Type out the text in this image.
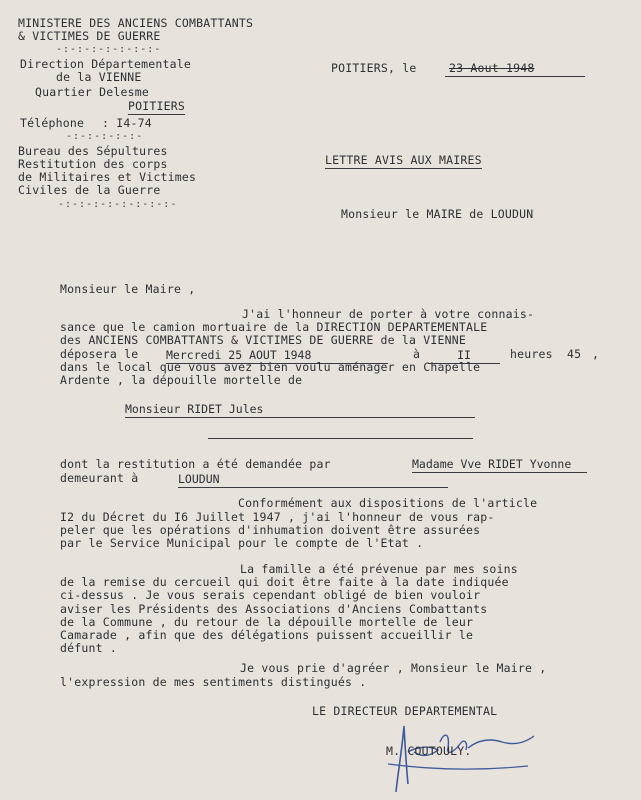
MINISTERE DES ANCIENS COMBATTANTS
& VICTIMES DE GUERRE
-:-:-:-:-:-:-:-
Direction Départementale
de la VIENNE
Quartier Delesme
POITIERS
Téléphone : I4-74
-:-:-:-:-:-
Bureau des Sépultures
Restitution des corps
de Militaires et Victimes
Civiles de la Guerre
-:-:-:-:-:-:-:-:-
POITIERS, le	23 Aout 1948
LETTRE AVIS AUX MAIRES
Monsieur le MAIRE de LOUDUN
Monsieur le Maire ,
J'ai l'honneur de porter à votre connais-
sance que le camion mortuaire de la DIRECTION DEPARTEMENTALE
des ANCIENS COMBATTANTS & VICTIMES DE GUERRE de la VIENNE
déposera le Mercredi 25 AOUT 1948	à	II	heures 45 ,
dans le local que vous avez bien voulu aménager en Chapelle
Ardente , la dépouille mortelle de
Monsieur RIDET Jules
dont la restitution a été demandée par	Madame Vve RIDET Yvonne
demeurant à	LOUDUN
Conformément aux dispositions de l'article
I2 du Décret du I6 Juillet 1947 , j'ai l'honneur de vous rap-
peler que les opérations d'inhumation doivent être assurées
par le Service Municipal pour le compte de l'Etat .
La famille a été prévenue par mes soins
de la remise du cercueil qui doit être faite à la date indiquée
ci-dessus . Je vous serais cependant obligé de bien vouloir
aviser les Présidents des Associations d'Anciens Combattants
de la Commune , du retour de la dépouille mortelle de leur
Camarade , afin que des délégations puissent accueillir le
défunt .
Je vous prie d'agréer , Monsieur le Maire ,
l'expression de mes sentiments distingués .
LE DIRECTEUR DEPARTEMENTAL
M. COUTOULY.
